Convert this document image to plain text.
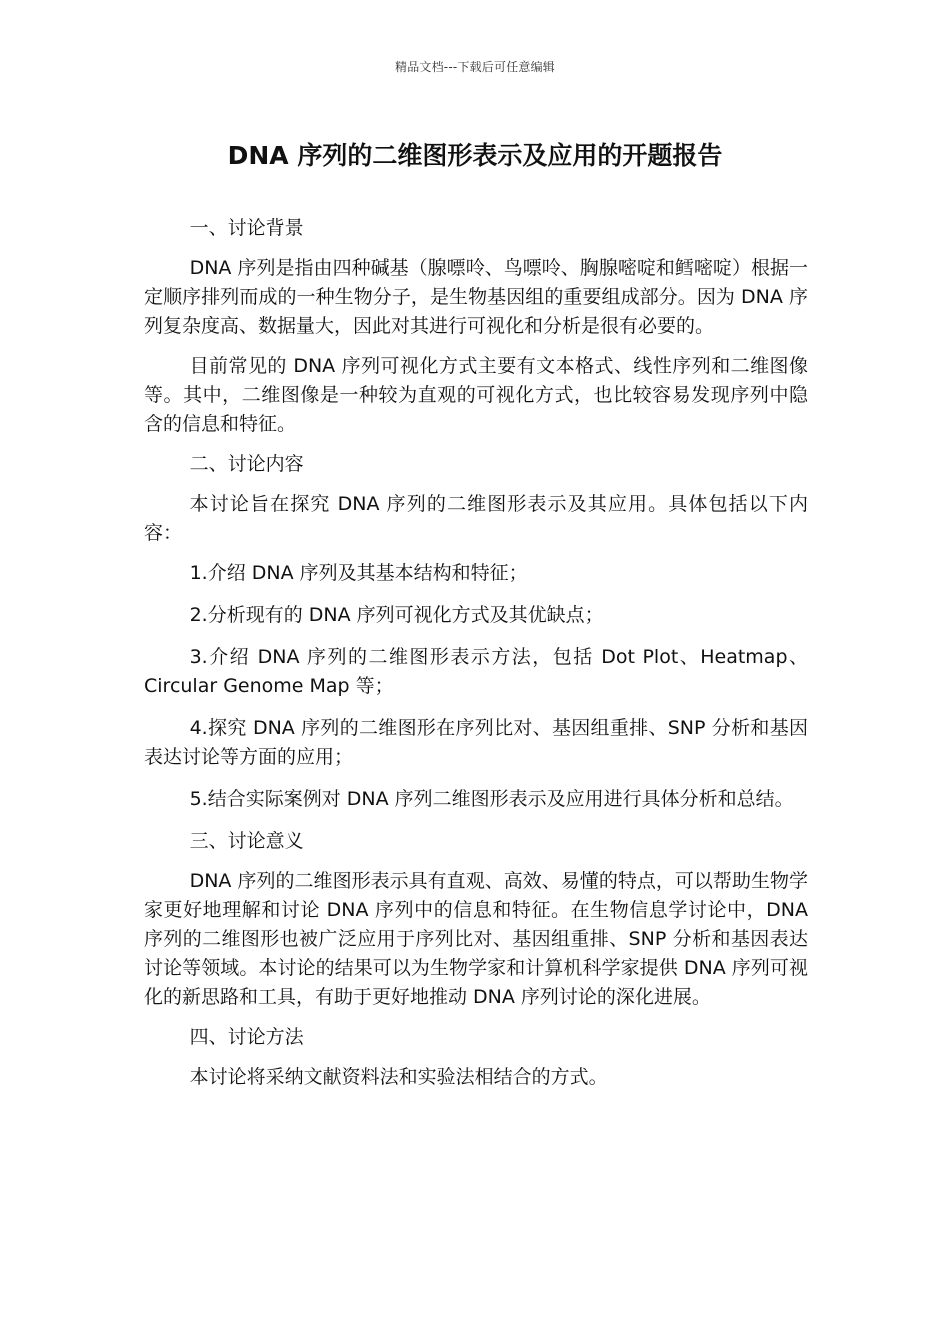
精品文档---下载后可任意编辑
DNA 序列的二维图形表示及应用的开题报告

一、讨论背景

DNA 序列是指由四种碱基（腺嘌呤、鸟嘌呤、胸腺嘧啶和鳕嘧啶）根据一定顺序排列而成的一种生物分子，是生物基因组的重要组成部分。因为 DNA 序列复杂度高、数据量大，因此对其进行可视化和分析是很有必要的。

目前常见的 DNA 序列可视化方式主要有文本格式、线性序列和二维图像等。其中，二维图像是一种较为直观的可视化方式，也比较容易发现序列中隐含的信息和特征。

二、讨论内容

本讨论旨在探究 DNA 序列的二维图形表示及其应用。具体包括以下内容：

1.介绍 DNA 序列及其基本结构和特征；

2.分析现有的 DNA 序列可视化方式及其优缺点；

3.介绍 DNA 序列的二维图形表示方法，包括 Dot Plot、Heatmap、Circular Genome Map 等；

4.探究 DNA 序列的二维图形在序列比对、基因组重排、SNP 分析和基因表达讨论等方面的应用；

5.结合实际案例对 DNA 序列二维图形表示及应用进行具体分析和总结。

三、讨论意义

DNA 序列的二维图形表示具有直观、高效、易懂的特点，可以帮助生物学家更好地理解和讨论 DNA 序列中的信息和特征。在生物信息学讨论中，DNA 序列的二维图形也被广泛应用于序列比对、基因组重排、SNP 分析和基因表达讨论等领域。本讨论的结果可以为生物学家和计算机科学家提供 DNA 序列可视化的新思路和工具，有助于更好地推动 DNA 序列讨论的深化进展。

四、讨论方法

本讨论将采纳文献资料法和实验法相结合的方式。
